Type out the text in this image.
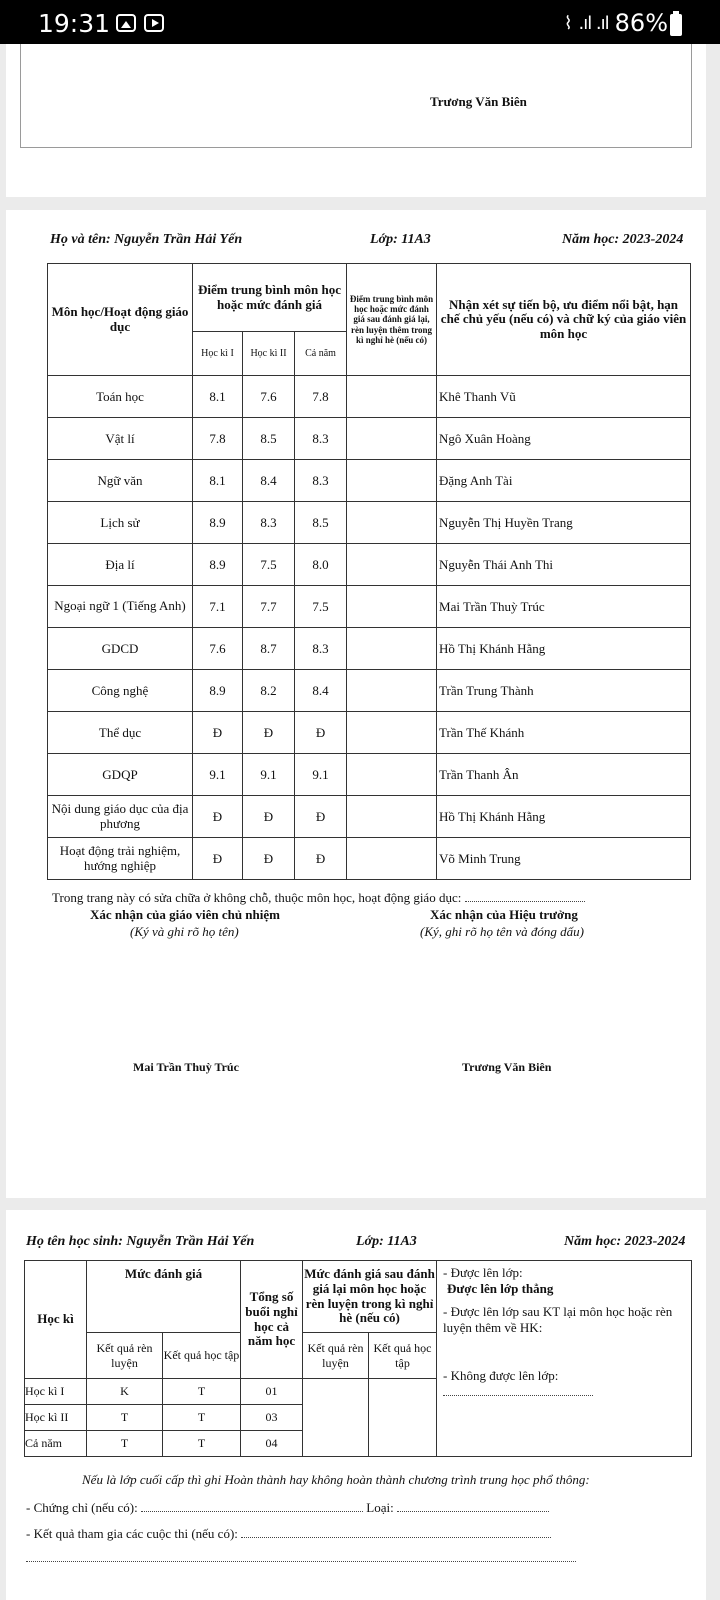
19:31	⌇ .ıl .ıl 86%
Trương Văn Biên
Họ và tên: Nguyễn Trần Hải Yến	Lớp: 11A3	Năm học: 2023-2024
Môn học/Hoạt động giáo dục	Điểm trung bình môn học hoặc mức đánh giá			Điểm trung bình môn học hoặc mức đánh giá sau đánh giá lại, rèn luyện thêm trong kì nghỉ hè (nếu có)	Nhận xét sự tiến bộ, ưu điểm nổi bật, hạn chế chủ yếu (nếu có) và chữ ký của giáo viên môn học
	Học kì I	Học kì II	Cả năm		
Toán học	8.1	7.6	7.8		Khê Thanh Vũ
Vật lí	7.8	8.5	8.3		Ngô Xuân Hoàng
Ngữ văn	8.1	8.4	8.3		Đặng Anh Tài
Lịch sử	8.9	8.3	8.5		Nguyễn Thị Huyền Trang
Địa lí	8.9	7.5	8.0		Nguyễn Thái Anh Thi
Ngoại ngữ 1 (Tiếng Anh)	7.1	7.7	7.5		Mai Trần Thuỳ Trúc
GDCD	7.6	8.7	8.3		Hồ Thị Khánh Hằng
Công nghệ	8.9	8.2	8.4		Trần Trung Thành
Thể dục	Đ	Đ	Đ		Trần Thế Khánh
GDQP	9.1	9.1	9.1		Trần Thanh Ân
Nội dung giáo dục của địa phương	Đ	Đ	Đ		Hồ Thị Khánh Hằng
Hoạt động trải nghiệm, hướng nghiệp	Đ	Đ	Đ		Võ Minh Trung
Trong trang này có sửa chữa ở không chỗ, thuộc môn học, hoạt động giáo dục:
Xác nhận của giáo viên chủ nhiệm
(Ký và ghi rõ họ tên)
Xác nhận của Hiệu trưởng
(Ký, ghi rõ họ tên và đóng dấu)
Mai Trần Thuỳ Trúc	Trương Văn Biên
Họ tên học sinh: Nguyễn Trần Hải Yến	Lớp: 11A3	Năm học: 2023-2024
Học kì	Mức đánh giá		Tổng số buổi nghỉ học cả năm học	Mức đánh giá sau đánh giá lại môn học hoặc rèn luyện trong kì nghỉ hè (nếu có)		- Được lên lớp:
Được lên lớp thẳng
- Được lên lớp sau KT lại môn học hoặc rèn luyện thêm về HK:
- Không được lên lớp:

	Kết quả rèn luyện	Kết quả học tập		Kết quả rèn luyện	Kết quả học tập	
Học kì I	K	T	01			
Học kì II	T	T	03			
Cả năm	T	T	04			
Nếu là lớp cuối cấp thì ghi Hoàn thành hay không hoàn thành chương trình trung học phổ thông:
- Chứng chỉ (nếu có):	Loại:
- Kết quả tham gia các cuộc thi (nếu có):
